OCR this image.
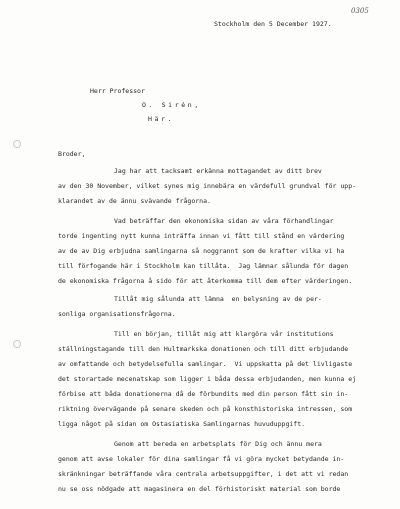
0305
Stockholm den 5 December 1927.
Herr Professor
O. Sirén,
Här.
Broder,
Jag har att tacksamt erkänna mottagandet av ditt brev
av den 30 November, vilket synes mig innebära en värdefull grundval för upp-
klarandet av de ännu svävande frågorna.
Vad beträffar den ekonomiska sidan av våra förhandlingar
torde ingenting nytt kunna inträffa innan vi fått till stånd en värdering
av de av Dig erbjudna samlingarna så noggrannt som de krafter vilka vi ha
till förfogande här i Stockholm kan tillåta.  Jag lämnar sålunda för dagen
de ekonomiska frågorna å sido för att återkomma till dem efter värderingen.
Tillåt mig sålunda att lämna  en belysning av de per-
sonliga organisationsfrågorna.
Till en början, tillåt mig att klargöra vår institutions
ställningstagande till den Hultmarkska donationen och till ditt erbjudande
av omfattande och betydelsefulla samlingar.  Vi uppskatta på det livligaste
det storartade mecenatskap som ligger i båda dessa erbjudanden, men kunna ej
förbise att båda donationerna då de förbundits med din person fått sin in-
riktning övervägande på senare skeden och på konsthistoriska intressen, som
ligga något på sidan om Ostasiatiska Samlingarnas huvuduppgift.
Genom att bereda en arbetsplats för Dig och ännu mera
genom att avse lokaler för dina samlingar få vi göra mycket betydande in-
skränkningar beträffande våra centrala arbetsuppgifter, i det att vi redan
nu se oss nödgade att magasinera en del förhistoriskt material som borde
